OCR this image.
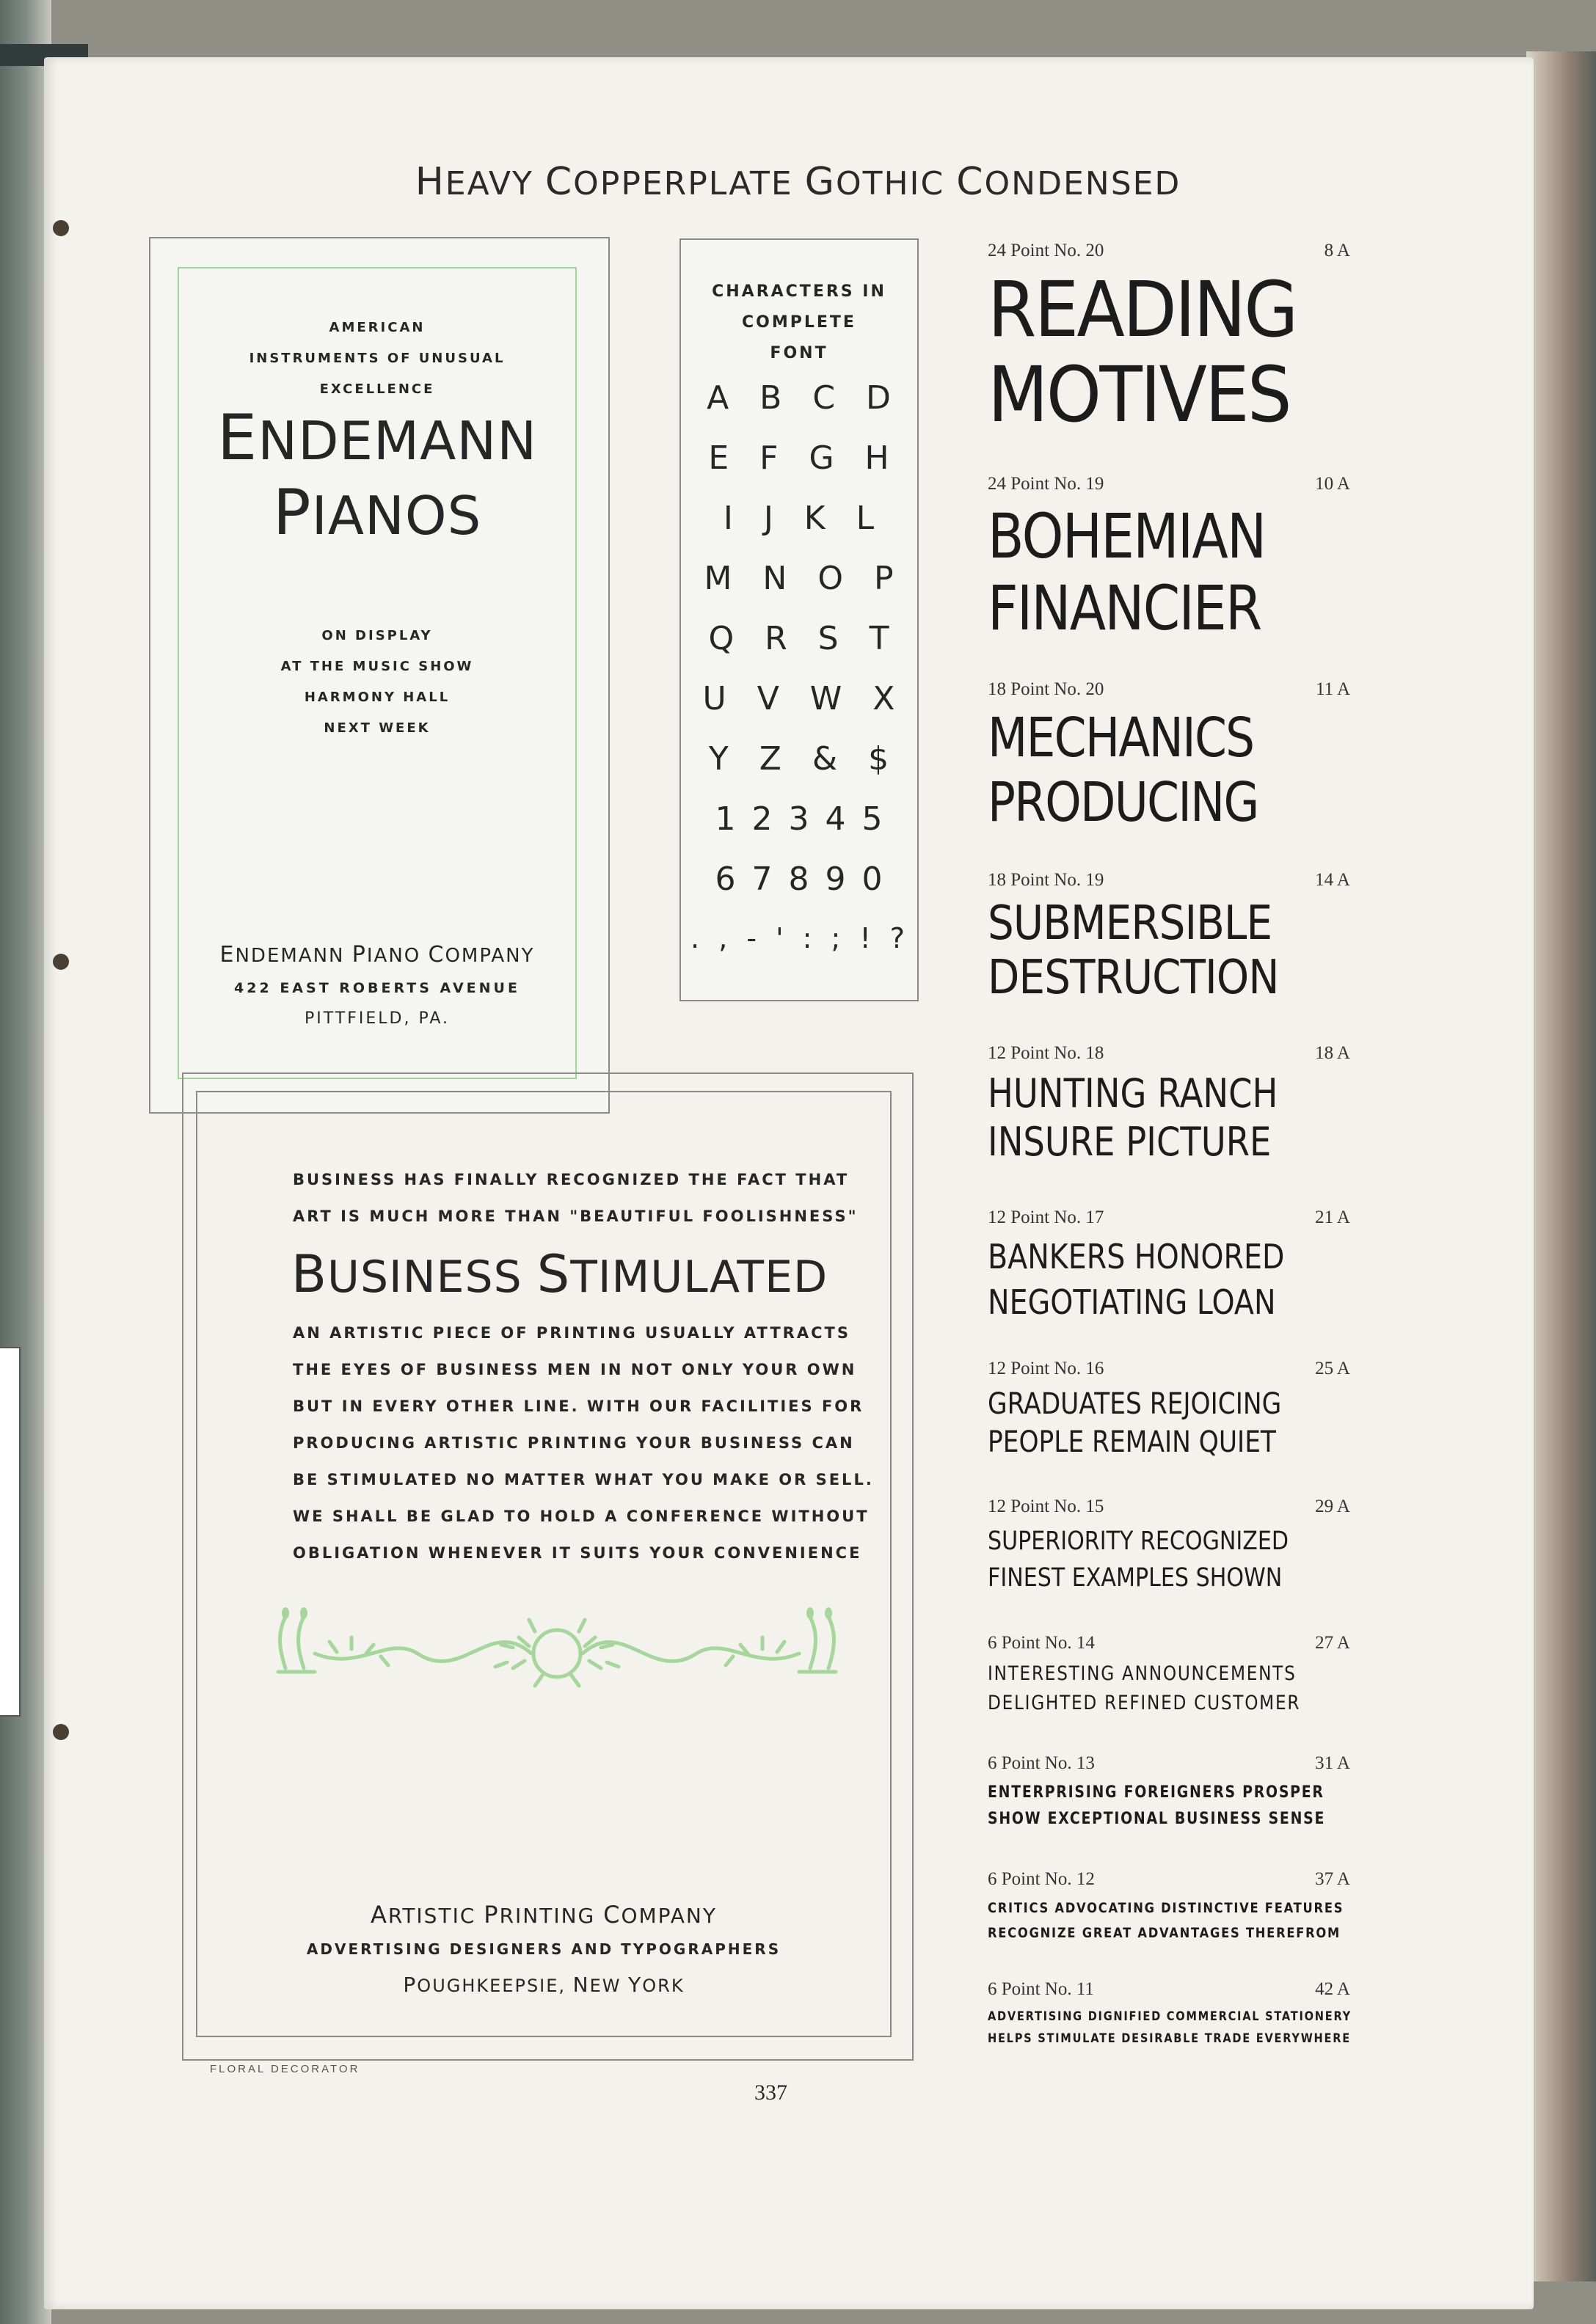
HEAVY COPPERPLATE GOTHIC CONDENSED
AMERICAN
INSTRUMENTS OF UNUSUAL
EXCELLENCE
ENDEMANN
PIANOS
ON DISPLAY
AT THE MUSIC SHOW
HARMONY HALL
NEXT WEEK
ENDEMANN PIANO COMPANY
422 EAST ROBERTS AVENUE
PITTFIELD, PA.
CHARACTERS IN
COMPLETE
FONT
A B C D
E F G H
I J K L
M N O P
Q R S T
U V W X
Y Z & $
1 2 3 4 5
6 7 8 9 0
. , - ' : ; ! ?
BUSINESS HAS FINALLY RECOGNIZED THE FACT THAT
ART IS MUCH MORE THAN "BEAUTIFUL FOOLISHNESS"
BUSINESS STIMULATED
AN ARTISTIC PIECE OF PRINTING USUALLY ATTRACTS
THE EYES OF BUSINESS MEN IN NOT ONLY YOUR OWN
BUT IN EVERY OTHER LINE. WITH OUR FACILITIES FOR
PRODUCING ARTISTIC PRINTING YOUR BUSINESS CAN
BE STIMULATED NO MATTER WHAT YOU MAKE OR SELL.
WE SHALL BE GLAD TO HOLD A CONFERENCE WITHOUT
OBLIGATION WHENEVER IT SUITS YOUR CONVENIENCE
ARTISTIC PRINTING COMPANY
ADVERTISING DESIGNERS AND TYPOGRAPHERS
POUGHKEEPSIE, NEW YORK
FLORAL DECORATOR
337
24 Point No. 20	8 A
READING
MOTIVES
24 Point No. 19	10 A
BOHEMIAN
FINANCIER
18 Point No. 20	11 A
MECHANICS
PRODUCING
18 Point No. 19	14 A
SUBMERSIBLE
DESTRUCTION
12 Point No. 18	18 A
HUNTING RANCH
INSURE PICTURE
12 Point No. 17	21 A
BANKERS HONORED
NEGOTIATING LOAN
12 Point No. 16	25 A
GRADUATES REJOICING
PEOPLE REMAIN QUIET
12 Point No. 15	29 A
SUPERIORITY RECOGNIZED
FINEST EXAMPLES SHOWN
6 Point No. 14	27 A
INTERESTING ANNOUNCEMENTS
DELIGHTED REFINED CUSTOMER
6 Point No. 13	31 A
ENTERPRISING FOREIGNERS PROSPER
SHOW EXCEPTIONAL BUSINESS SENSE
6 Point No. 12	37 A
CRITICS ADVOCATING DISTINCTIVE FEATURES
RECOGNIZE GREAT ADVANTAGES THEREFROM
6 Point No. 11	42 A
ADVERTISING DIGNIFIED COMMERCIAL STATIONERY
HELPS STIMULATE DESIRABLE TRADE EVERYWHERE
